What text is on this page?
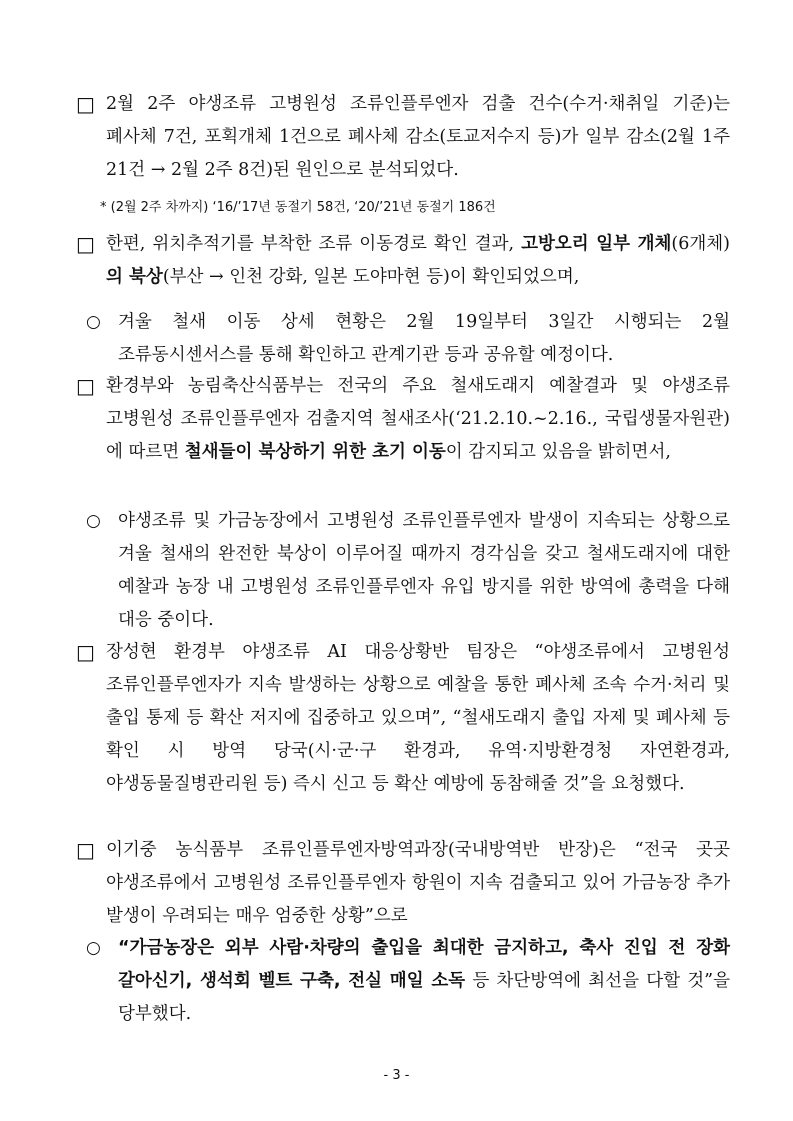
□ 2월 2주 야생조류 고병원성 조류인플루엔자 검출 건수(수거·채취일 기준)는 폐사체 7건, 포획개체 1건으로 폐사체 감소(토교저수지 등)가 일부 감소(2월 1주 21건 → 2월 2주 8건)된 원인으로 분석되었다.
* (2월 2주 차까지) ‘16/’17년 동절기 58건, ‘20/’21년 동절기 186건
□ 한편, 위치추적기를 부착한 조류 이동경로 확인 결과, 고방오리 일부 개체(6개체)의 북상(부산 → 인천 강화, 일본 도야마현 등)이 확인되었으며,
○ 겨울 철새 이동 상세 현황은 2월 19일부터 3일간 시행되는 2월 조류동시센서스를 통해 확인하고 관계기관 등과 공유할 예정이다.
□ 환경부와 농림축산식품부는 전국의 주요 철새도래지 예찰결과 및 야생조류 고병원성 조류인플루엔자 검출지역 철새조사(‘21.2.10.~2.16., 국립생물자원관)에 따르면 철새들이 북상하기 위한 초기 이동이 감지되고 있음을 밝히면서,
○ 야생조류 및 가금농장에서 고병원성 조류인플루엔자 발생이 지속되는 상황으로 겨울 철새의 완전한 북상이 이루어질 때까지 경각심을 갖고 철새도래지에 대한 예찰과 농장 내 고병원성 조류인플루엔자 유입 방지를 위한 방역에 총력을 다해 대응 중이다.
□ 장성현 환경부 야생조류 AI 대응상황반 팀장은 “야생조류에서 고병원성 조류인플루엔자가 지속 발생하는 상황으로 예찰을 통한 폐사체 조속 수거·처리 및 출입 통제 등 확산 저지에 집중하고 있으며”, “철새도래지 출입 자제 및 폐사체 등 확인 시 방역 당국(시·군·구 환경과, 유역·지방환경청 자연환경과, 야생동물질병관리원 등) 즉시 신고 등 확산 예방에 동참해줄 것”을 요청했다.
□ 이기중 농식품부 조류인플루엔자방역과장(국내방역반 반장)은 “전국 곳곳 야생조류에서 고병원성 조류인플루엔자 항원이 지속 검출되고 있어 가금농장 추가 발생이 우려되는 매우 엄중한 상황”으로
○ “가금농장은 외부 사람·차량의 출입을 최대한 금지하고, 축사 진입 전 장화 갈아신기, 생석회 벨트 구축, 전실 매일 소독 등 차단방역에 최선을 다할 것”을 당부했다.
- 3 -
